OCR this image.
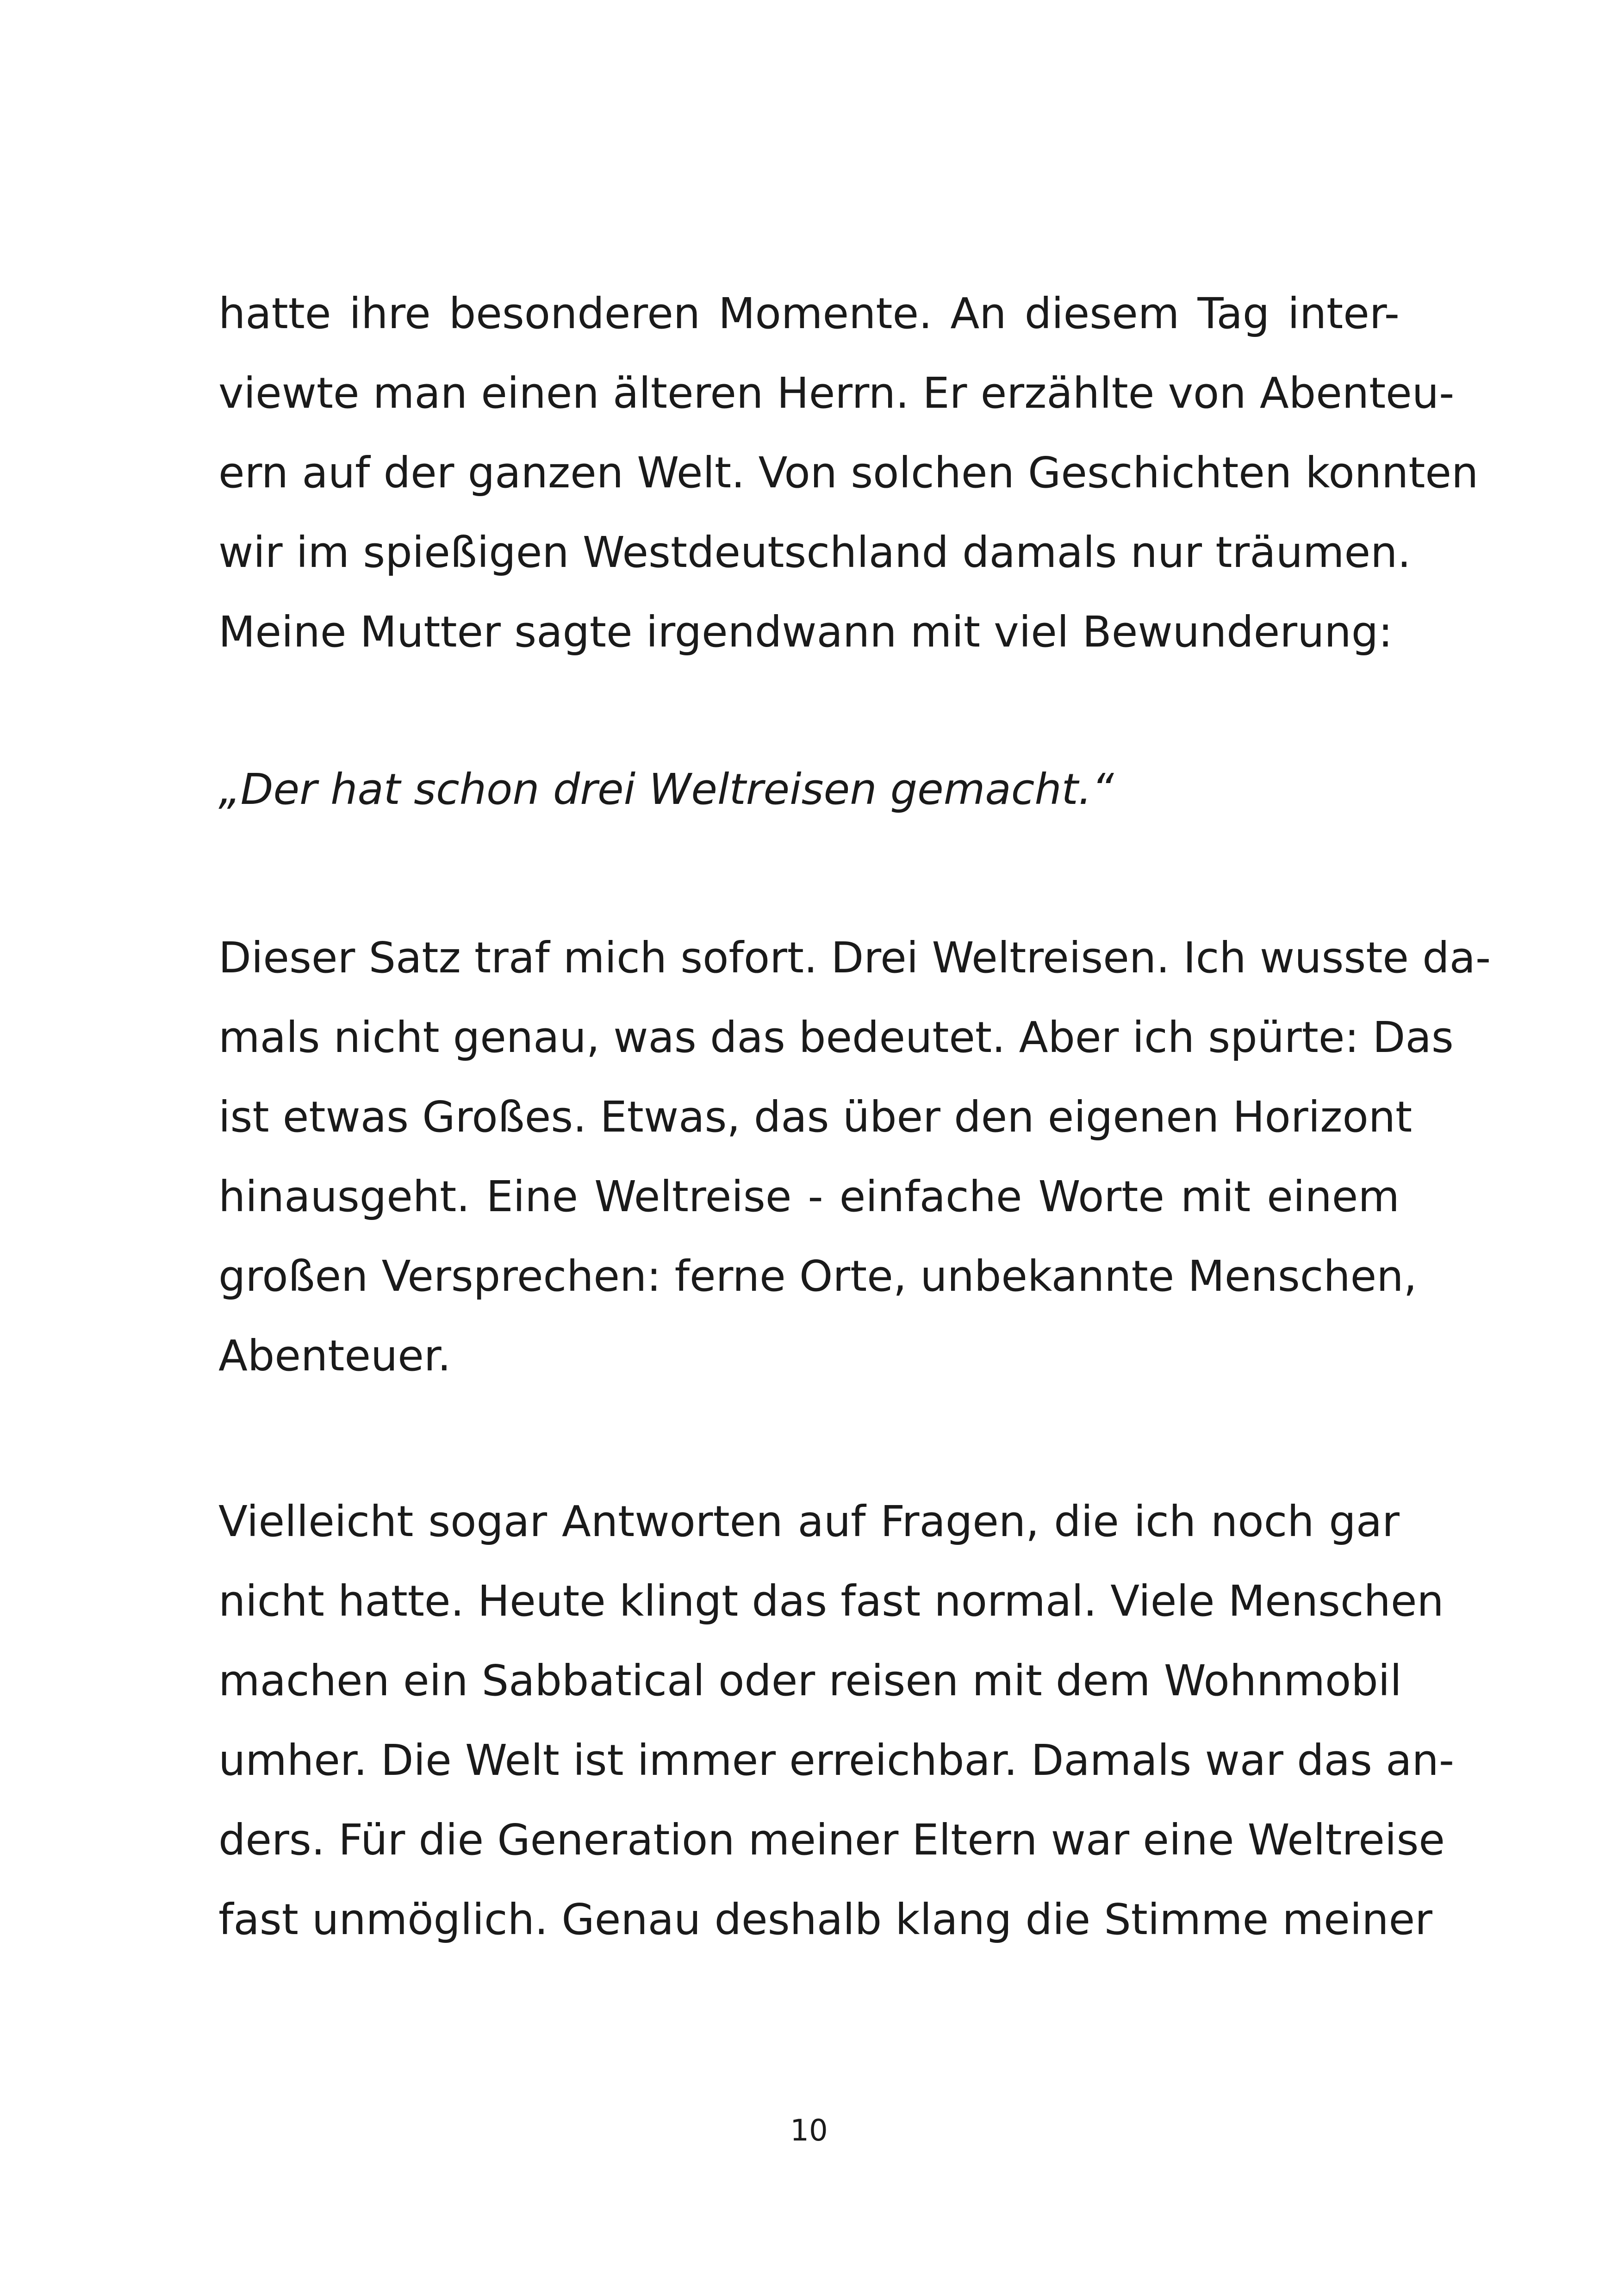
hatte ihre besonderen Momente. An diesem Tag inter-
viewte man einen älteren Herrn. Er erzählte von Abenteu-
ern auf der ganzen Welt. Von solchen Geschichten konnten
wir im spießigen Westdeutschland damals nur träumen.
Meine Mutter sagte irgendwann mit viel Bewunderung:
„Der hat schon drei Weltreisen gemacht.“
Dieser Satz traf mich sofort. Drei Weltreisen. Ich wusste da-
mals nicht genau, was das bedeutet. Aber ich spürte: Das
ist etwas Großes. Etwas, das über den eigenen Horizont
hinausgeht. Eine Weltreise - einfache Worte mit einem
großen Versprechen: ferne Orte, unbekannte Menschen,
Abenteuer.
Vielleicht sogar Antworten auf Fragen, die ich noch gar
nicht hatte. Heute klingt das fast normal. Viele Menschen
machen ein Sabbatical oder reisen mit dem Wohnmobil
umher. Die Welt ist immer erreichbar. Damals war das an-
ders. Für die Generation meiner Eltern war eine Weltreise
fast unmöglich. Genau deshalb klang die Stimme meiner
10
